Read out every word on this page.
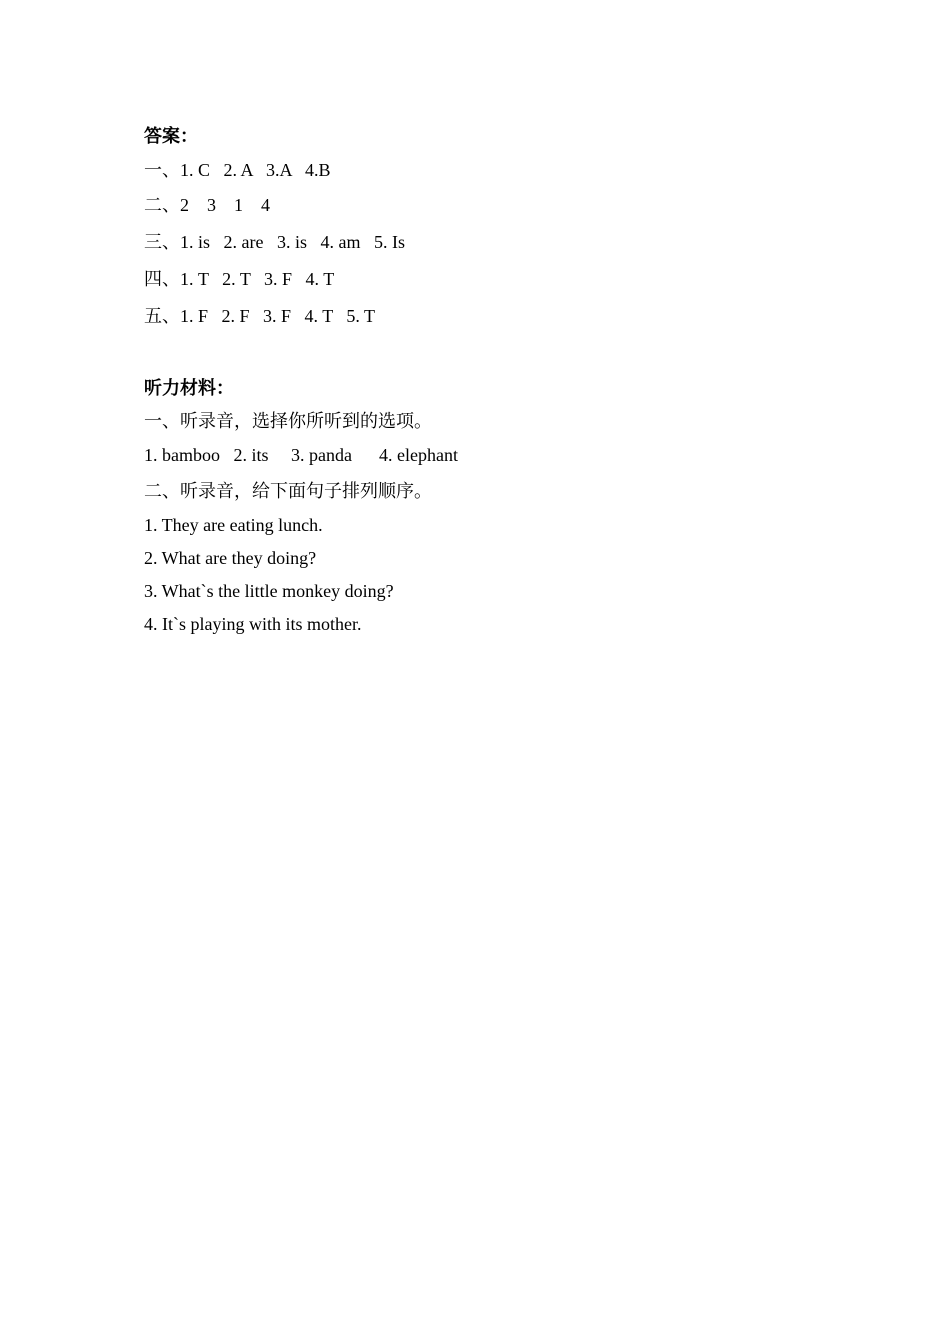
答案：
一、1. C   2. A   3.A   4.B
二、2    3    1    4
三、1. is   2. are   3. is   4. am   5. Is
四、1. T   2. T   3. F   4. T
五、1. F   2. F   3. F   4. T   5. T
听力材料：
一、听录音，选择你所听到的选项。
1. bamboo   2. its     3. panda      4. elephant
二、听录音，给下面句子排列顺序。
1. They are eating lunch.
2. What are they doing?
3. What`s the little monkey doing?
4. It`s playing with its mother.
